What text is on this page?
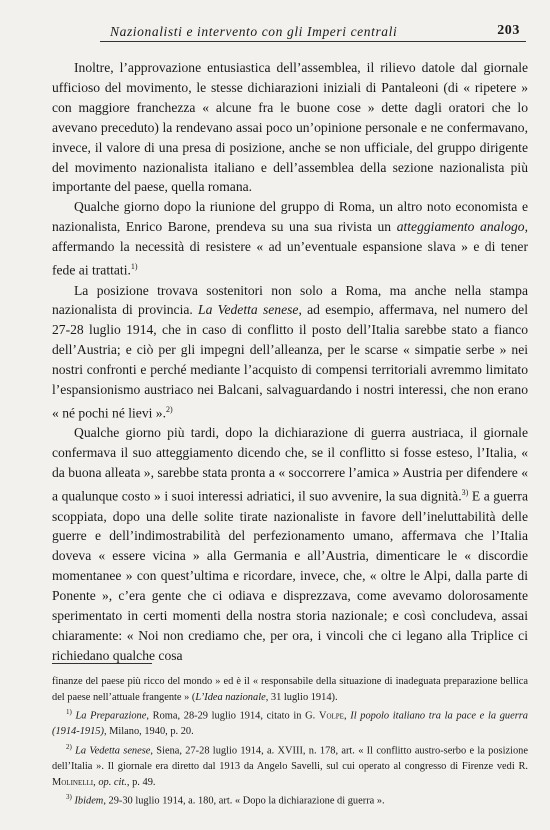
Nazionalisti e intervento con gli Imperi centrali	203

Inoltre, l’approvazione entusiastica dell’assemblea, il rilievo datole dal giornale ufficioso del movimento, le stesse dichiarazioni iniziali di Pantaleoni (di « ripetere » con maggiore franchezza « alcune fra le buone cose » dette dagli oratori che lo avevano preceduto) la rendevano assai poco un’opinione personale e ne confermavano, invece, il valore di una presa di posizione, anche se non ufficiale, del gruppo dirigente del movimento nazionalista italiano e dell’assemblea della sezione nazionalista più importante del paese, quella romana.

Qualche giorno dopo la riunione del gruppo di Roma, un altro noto economista e nazionalista, Enrico Barone, prendeva su una sua rivista un atteggiamento analogo, affermando la necessità di resistere « ad un’eventuale espansione slava » e di tener fede ai trattati.$^{1)}$

La posizione trovava sostenitori non solo a Roma, ma anche nella stampa nazionalista di provincia. La Vedetta senese, ad esempio, affermava, nel numero del 27-28 luglio 1914, che in caso di conflitto il posto dell’Italia sarebbe stato a fianco dell’Austria; e ciò per gli impegni dell’alleanza, per le scarse « simpatie serbe » nei nostri confronti e perché mediante l’acquisto di compensi territoriali avremmo limitato l’espansionismo austriaco nei Balcani, salvaguardando i nostri interessi, che non erano « né pochi né lievi ».$^{2)}$

Qualche giorno più tardi, dopo la dichiarazione di guerra austriaca, il giornale confermava il suo atteggiamento dicendo che, se il conflitto si fosse esteso, l’Italia, « da buona alleata », sarebbe stata pronta a « soccorrere l’amica » Austria per difendere « a qualunque costo » i suoi interessi adriatici, il suo avvenire, la sua dignità.$^{3)}$ E a guerra scoppiata, dopo una delle solite tirate nazionaliste in favore dell’ineluttabilità delle guerre e dell’indimostrabilità del perfezionamento umano, affermava che l’Italia doveva « essere vicina » alla Germania e all’Austria, dimenticare le « discordie momentanee » con quest’ultima e ricordare, invece, che, « oltre le Alpi, dalla parte di Ponente », c’era gente che ci odiava e disprezzava, come avevamo dolorosamente sperimentato in certi momenti della nostra storia nazionale; e così concludeva, assai chiaramente: « Noi non crediamo che, per ora, i vincoli che ci legano alla Triplice ci richiedano qualche cosa

finanze del paese più ricco del mondo » ed è il « responsabile della situazione di inadeguata preparazione bellica del paese nell’attuale frangente » (L’Idea nazionale, 31 luglio 1914).

$^{1)}$ La Preparazione, Roma, 28-29 luglio 1914, citato in G. Volpe, Il popolo italiano tra la pace e la guerra (1914-1915), Milano, 1940, p. 20.

$^{2)}$ La Vedetta senese, Siena, 27-28 luglio 1914, a. XVIII, n. 178, art. « Il conflitto austro-serbo e la posizione dell’Italia ». Il giornale era diretto dal 1913 da Angelo Savelli, sul cui operato al congresso di Firenze vedi R. Molinelli, op. cit., p. 49.

$^{3)}$ Ibidem, 29-30 luglio 1914, a. 180, art. « Dopo la dichiarazione di guerra ».
